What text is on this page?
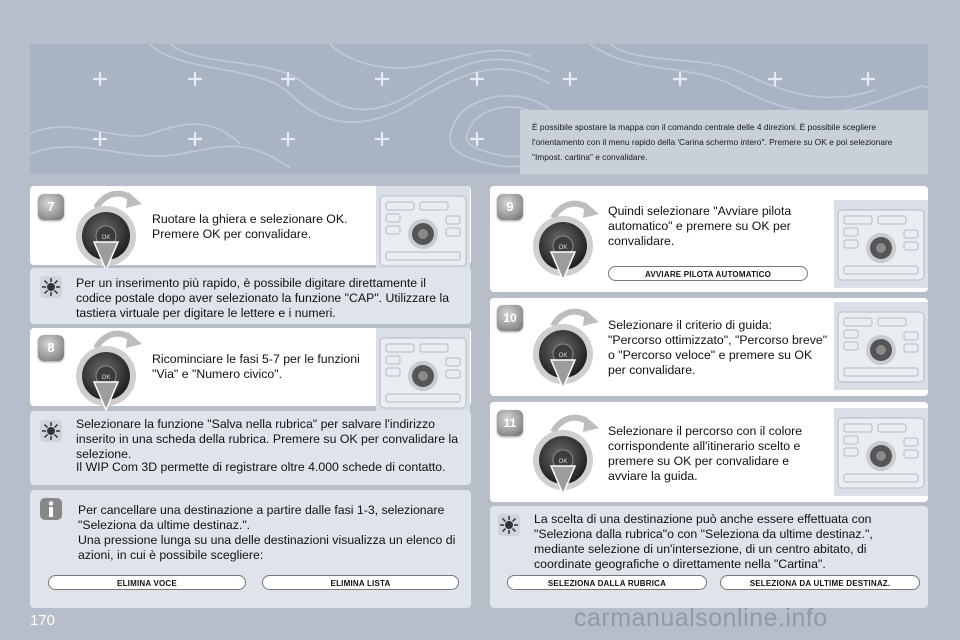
È possibile spostare la mappa con il comando centrale delle 4 direzioni. È possibile scegliere l'orientamento con il menu rapido della 'Carina schermo intero". Premere su OK e poi selezionare "Impost. cartina" e convalidare.
7
OK
Ruotare la ghiera e selezionare OK. Premere OK per convalidare.
Per un inserimento più rapido, è possibile digitare direttamente il codice postale dopo aver selezionato la funzione "CAP". Utilizzare la tastiera virtuale per digitare le lettere e i numeri.
8
OK
Ricominciare le fasi 5-7 per le funzioni "Via" e "Numero civico".
Selezionare la funzione "Salva nella rubrica" per salvare l'indirizzo inserito in una scheda della rubrica. Premere su OK per convalidare la selezione.
Il WIP Com 3D permette di registrare oltre 4.000 schede di contatto.
Per cancellare una destinazione a partire dalle fasi 1-3, selezionare "Seleziona da ultime destinaz.".
Una pressione lunga su una delle destinazioni visualizza un elenco di azioni, in cui è possibile scegliere:
ELIMINA VOCE	ELIMINA LISTA
9
OK
Quindi selezionare "Avviare pilota automatico" e premere su OK per convalidare.
AVVIARE PILOTA AUTOMATICO
10
OK
Selezionare il criterio di guida: "Percorso ottimizzato", "Percorso breve" o "Percorso veloce" e premere su OK per convalidare.
11
OK
Selezionare il percorso con il colore corrispondente all'itinerario scelto e premere su OK per convalidare e avviare la guida.
La scelta di una destinazione può anche essere effettuata con "Seleziona dalla rubrica"o con "Seleziona da ultime destinaz.", mediante selezione di un'intersezione, di un centro abitato, di coordinate geografiche o direttamente nella "Cartina".
SELEZIONA DALLA RUBRICA	SELEZIONA DA ULTIME DESTINAZ.
170	carmanualsonline.info
